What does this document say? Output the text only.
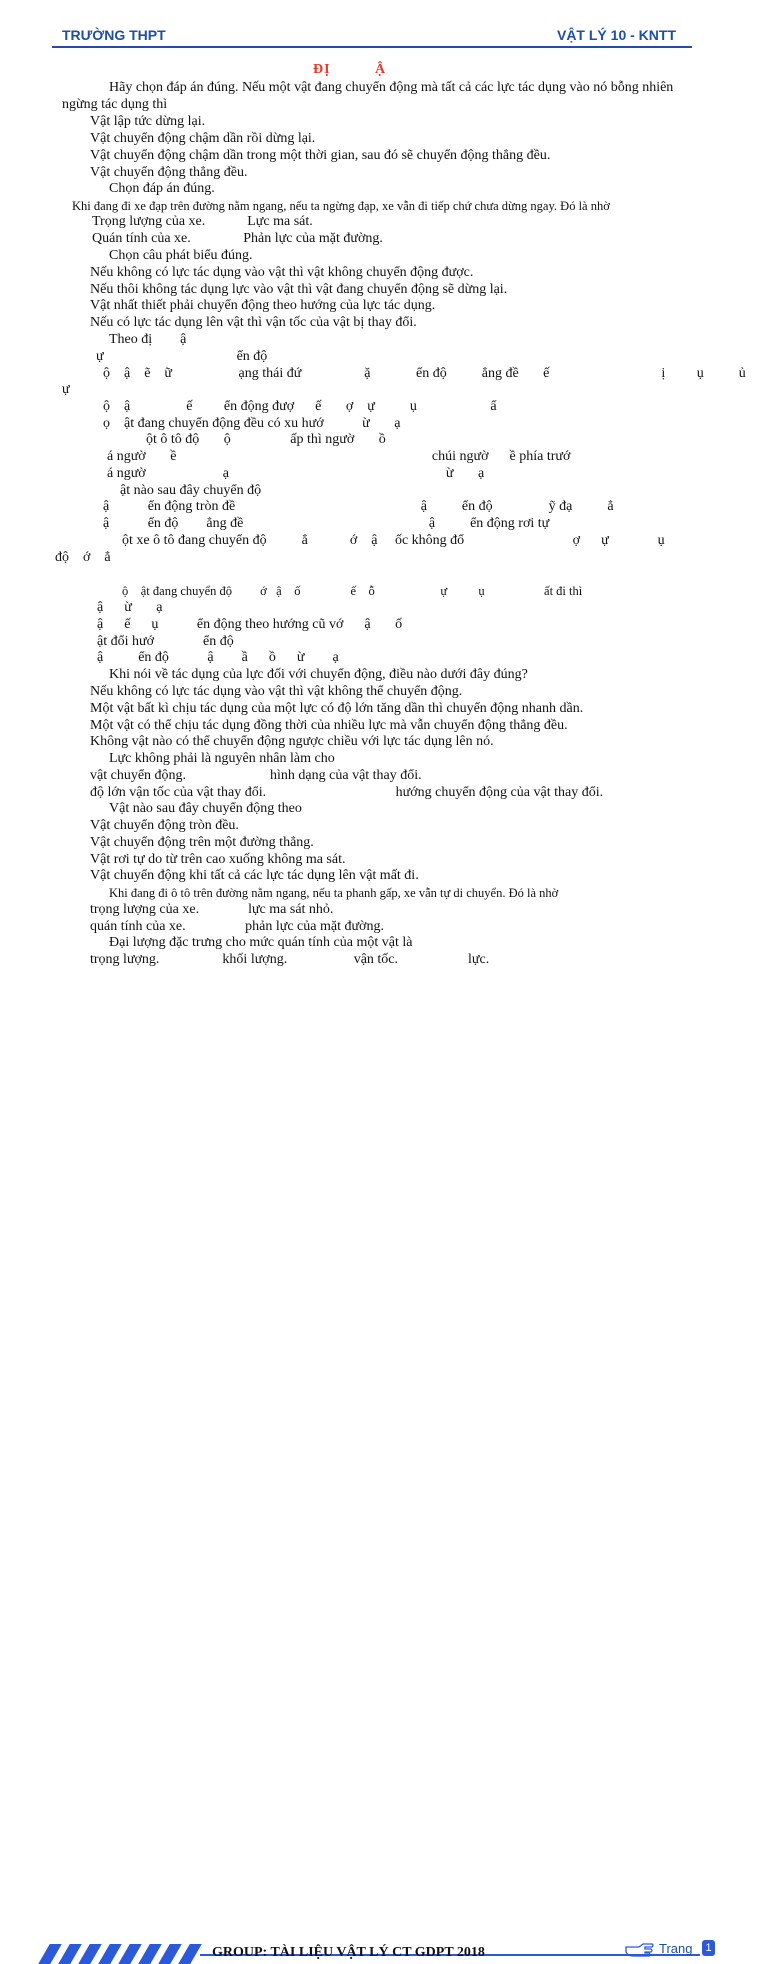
TRƯỜNG THPT	VẬT LÝ 10 - KNTT
ĐỊ Ậ
Hãy chọn đáp án đúng. Nếu một vật đang chuyển động mà tất cả các lực tác dụng vào nó bỗng nhiên
ngừng tác dụng thì
Vật lập tức dừng lại.
Vật chuyển động chậm dần rồi dừng lại.
Vật chuyển động chậm dần trong một thời gian, sau đó sẽ chuyển động thẳng đều.
Vật chuyển động thẳng đều.
Chọn đáp án đúng.
Khi đang đi xe đạp trên đường nằm ngang, nếu ta ngừng đạp, xe vẫn đi tiếp chứ chưa dừng ngay. Đó là nhờ
Trọng lượng của xe.            Lực ma sát.
Quán tính của xe.               Phản lực của mặt đường.
Chọn câu phát biểu đúng.
Nếu không có lực tác dụng vào vật thì vật không chuyển động được.
Nếu thôi không tác dụng lực vào vật thì vật đang chuyển động sẽ dừng lại.
Vật nhất thiết phải chuyển động theo hướng của lực tác dụng.
Nếu có lực tác dụng lên vật thì vận tốc của vật bị thay đổi.
Theo đị        ậ
ự                                      ển độ
ộ    ậ    ẽ    ữ                   ạng thái đứ                  ặ             ển độ          ẳng đề       ế                                ị         ụ          ủ
ự
ộ    ậ                ế         ển động đượ      ế       ợ    ự          ụ                     ẩ
ọ    ật đang chuyển động đều có xu hướ           ừ       ạ
ột ô tô độ       ộ                 ấp thì ngườ       ồ
á ngườ       ề                                                                         chúi ngườ      ề phía trướ
á ngườ                      ạ                                                              ừ       ạ
ật nào sau đây chuyển độ
ậ           ển động tròn đề                                                     ậ          ển độ                ỹ đạ          ẳ
ậ           ển độ        ẳng đề                                                     ậ          ển động rơi tự
ột xe ô tô đang chuyển độ          ẳ            ớ    ậ     ốc không đổ                               ợ      ự              ụ
độ    ớ    ẳ
ộ    ật đang chuyển độ         ớ   ậ    ố                ế    ỗ                     ự          ụ                   ất đi thì
ậ      ừ       ạ
ậ      ế      ụ           ển động theo hướng cũ vớ      ậ       ố
ật đổi hướ              ển độ
ậ          ển độ           ậ        ầ      ồ      ừ        ạ
Khi nói về tác dụng của lực đối với chuyển động, điều nào dưới đây đúng?
Nếu không có lực tác dụng vào vật thì vật không thể chuyển động.
Một vật bất kì chịu tác dụng của một lực có độ lớn tăng dần thì chuyển động nhanh dần.
Một vật có thể chịu tác dụng đồng thời của nhiều lực mà vẫn chuyển động thẳng đều.
Không vật nào có thể chuyển động ngược chiều với lực tác dụng lên nó.
Lực không phải là nguyên nhân làm cho
vật chuyển động.                        hình dạng của vật thay đổi.
độ lớn vận tốc của vật thay đổi.                                     hướng chuyển động của vật thay đổi.
Vật nào sau đây chuyển động theo
Vật chuyển động tròn đều.
Vật chuyển động trên một đường thẳng.
Vật rơi tự do từ trên cao xuống không ma sát.
Vật chuyển động khi tất cả các lực tác dụng lên vật mất đi.
Khi đang đi ô tô trên đường nằm ngang, nếu ta phanh gấp, xe vẫn tự di chuyển. Đó là nhờ
trọng lượng của xe.              lực ma sát nhỏ.
quán tính của xe.                 phản lực của mặt đường.
Đại lượng đặc trưng cho mức quán tính của một vật là
trọng lượng.                  khối lượng.                   vận tốc.                    lực.
GROUP: TÀI LIỆU VẬT LÝ CT GDPT 2018	Trang	1
